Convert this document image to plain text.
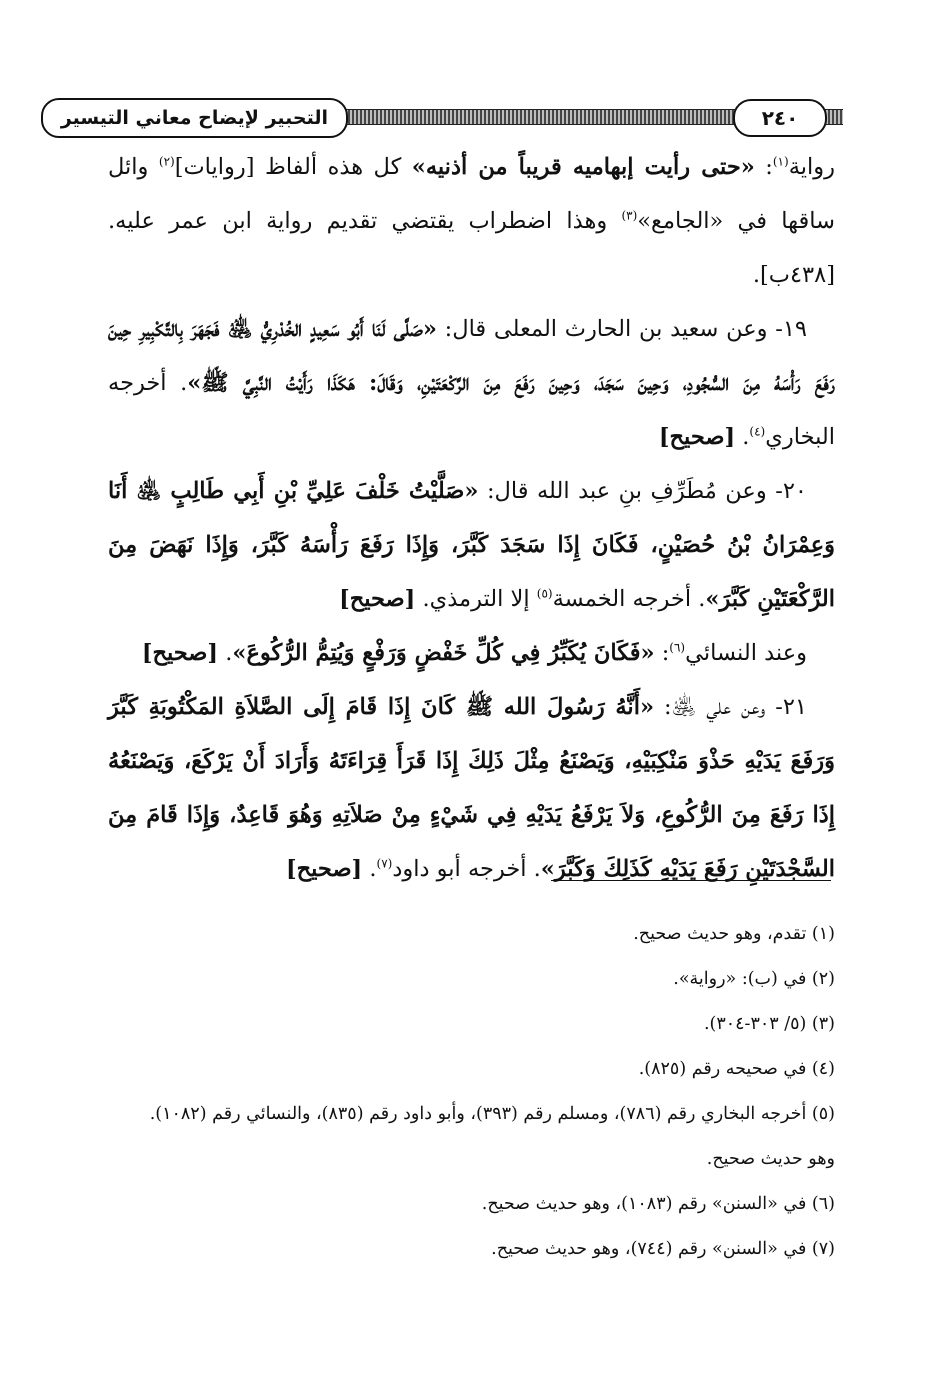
التحبير لإيضاح معاني التيسير	٢٤٠

رواية$^{(١)}$: «حتى رأيت إبهاميه قريباً من أذنيه» كل هذه ألفاظ [روايات]$^{(٢)}$ وائل ساقها في «الجامع»$^{(٣)}$ وهذا اضطراب يقتضي تقديم رواية ابن عمر عليه. [٤٣٨ب].

١٩- وعن سعيد بن الحارث المعلى قال: «صَلَّى لَنَا أَبُو سَعِيدٍ الخُدْرِيُّ ﵁ فَجَهَرَ بِالتَّكْبِيرِ حِينَ رَفَعَ رَأْسَهُ مِنَ السُّجُودِ، وَحِينَ سَجَدَ، وَحِينَ رَفَعَ مِنَ الرَّكْعَتَيْنِ، وَقَالَ: هَكَذَا رَأَيْتُ النَّبِيَّ ﷺ». أخرجه البخاري$^{(٤)}$. [صحيح]

٢٠- وعن مُطَرِّفِ بنِ عبد الله قال: «صَلَّيْتُ خَلْفَ عَلِيِّ بْنِ أَبِي طَالِبٍ ﵁ أَنَا وَعِمْرَانُ بْنُ حُصَيْنٍ، فَكَانَ إِذَا سَجَدَ كَبَّرَ، وَإِذَا رَفَعَ رَأْسَهُ كَبَّرَ، وَإِذَا نَهَضَ مِنَ الرَّكْعَتَيْنِ كَبَّرَ». أخرجه الخمسة$^{(٥)}$ إلا الترمذي. [صحيح]

وعند النسائي$^{(٦)}$: «فَكَانَ يُكَبِّرُ فِي كُلِّ خَفْضٍ وَرَفْعٍ وَيُتِمُّ الرُّكُوعَ». [صحيح]

٢١- وعن علي ﵁: «أَنَّهُ رَسُولَ الله ﷺ كَانَ إِذَا قَامَ إِلَى الصَّلاَةِ المَكْتُوبَةِ كَبَّرَ وَرَفَعَ يَدَيْهِ حَذْوَ مَنْكِبَيْهِ، وَيَصْنَعُ مِثْلَ ذَلِكَ إِذَا قَرَأَ قِرَاءَتَهُ وَأَرَادَ أَنْ يَرْكَعَ، وَيَصْنَعُهُ إِذَا رَفَعَ مِنَ الرُّكُوعِ، وَلاَ يَرْفَعُ يَدَيْهِ فِي شَيْءٍ مِنْ صَلاَتِهِ وَهُوَ قَاعِدٌ، وَإِذَا قَامَ مِنَ السَّجْدَتَيْنِ رَفَعَ يَدَيْهِ كَذَلِكَ وَكَبَّرَ». أخرجه أبو داود$^{(٧)}$. [صحيح]

(١) تقدم، وهو حديث صحيح.

(٢) في (ب): «رواية».

(٣) (٥/ ٣٠٣-٣٠٤).

(٤) في صحيحه رقم (٨٢٥).

(٥) أخرجه البخاري رقم (٧٨٦)، ومسلم رقم (٣٩٣)، وأبو داود رقم (٨٣٥)، والنسائي رقم (١٠٨٢).

وهو حديث صحيح.

(٦) في «السنن» رقم (١٠٨٣)، وهو حديث صحيح.

(٧) في «السنن» رقم (٧٤٤)، وهو حديث صحيح.
